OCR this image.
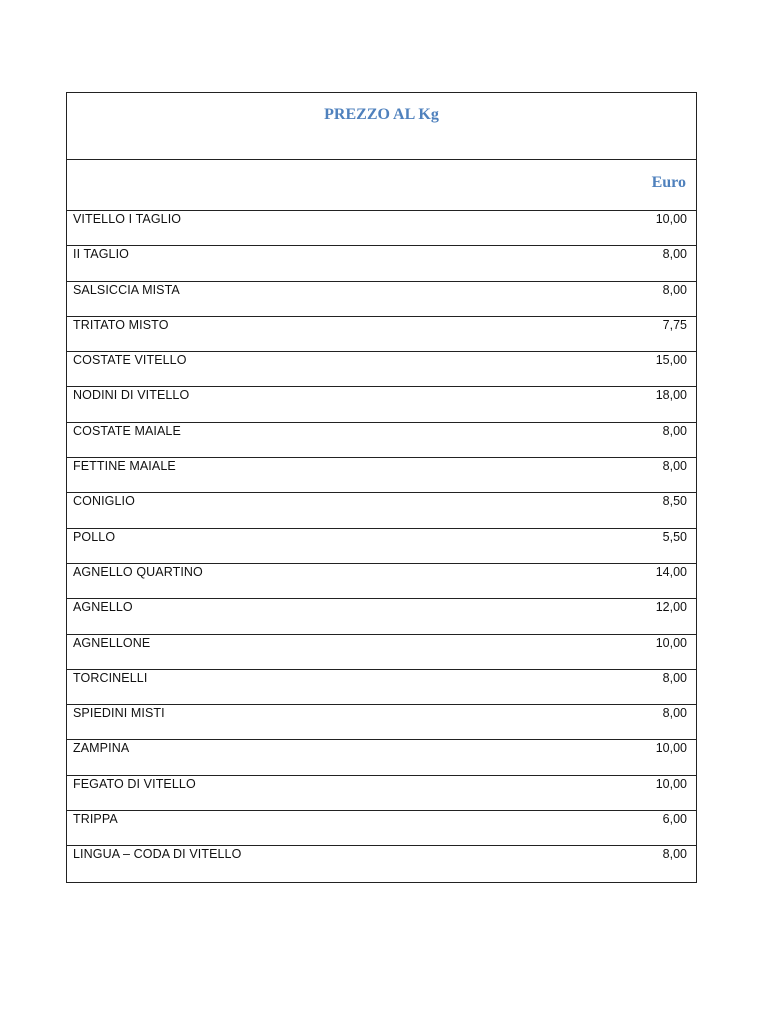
PREZZO AL Kg
Euro
VITELLO I TAGLIO	10,00
II TAGLIO	8,00
SALSICCIA MISTA	8,00
TRITATO MISTO	7,75
COSTATE VITELLO	15,00
NODINI DI VITELLO	18,00
COSTATE MAIALE	8,00
FETTINE MAIALE	8,00
CONIGLIO	8,50
POLLO	5,50
AGNELLO QUARTINO	14,00
AGNELLO	12,00
AGNELLONE	10,00
TORCINELLI	8,00
SPIEDINI MISTI	8,00
ZAMPINA	10,00
FEGATO DI VITELLO	10,00
TRIPPA	6,00
LINGUA – CODA DI VITELLO	8,00
